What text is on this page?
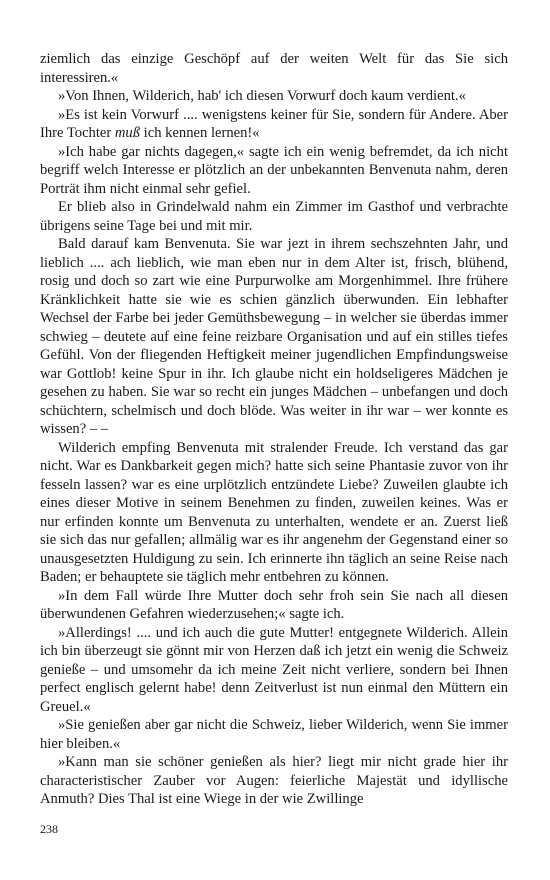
ziemlich das einzige Geschöpf auf der weiten Welt für das Sie sich interessiren.«

»Von Ihnen, Wilderich, hab' ich diesen Vorwurf doch kaum verdient.«

»Es ist kein Vorwurf .... wenigstens keiner für Sie, sondern für Andere. Aber Ihre Tochter muß ich kennen lernen!«

»Ich habe gar nichts dagegen,« sagte ich ein wenig befremdet, da ich nicht begriff welch Interesse er plötzlich an der unbekannten Benvenuta nahm, deren Porträt ihm nicht einmal sehr gefiel.

Er blieb also in Grindelwald nahm ein Zimmer im Gasthof und verbrachte übrigens seine Tage bei und mit mir.

Bald darauf kam Benvenuta. Sie war jezt in ihrem sechszehnten Jahr, und lieblich .... ach lieblich, wie man eben nur in dem Alter ist, frisch, blühend, rosig und doch so zart wie eine Purpurwolke am Morgenhimmel. Ihre frühere Kränklichkeit hatte sie wie es schien gänzlich überwunden. Ein lebhafter Wechsel der Farbe bei jeder Gemüthsbewegung – in welcher sie überdas immer schwieg – deutete auf eine feine reizbare Organisation und auf ein stilles tiefes Gefühl. Von der fliegenden Heftigkeit meiner jugendlichen Empfindungsweise war Gottlob! keine Spur in ihr. Ich glaube nicht ein holdseligeres Mädchen je gesehen zu haben. Sie war so recht ein junges Mädchen – unbefangen und doch schüchtern, schelmisch und doch blöde. Was weiter in ihr war – wer konnte es wissen? – –

Wilderich empfing Benvenuta mit stralender Freude. Ich verstand das gar nicht. War es Dankbarkeit gegen mich? hatte sich seine Phantasie zuvor von ihr fesseln lassen? war es eine urplötzlich entzündete Liebe? Zuweilen glaubte ich eines dieser Motive in seinem Benehmen zu finden, zuweilen keines. Was er nur erfinden konnte um Benvenuta zu unterhalten, wendete er an. Zuerst ließ sie sich das nur gefallen; allmälig war es ihr angenehm der Gegenstand einer so unausgesetzten Huldigung zu sein. Ich erinnerte ihn täglich an seine Reise nach Baden; er behauptete sie täglich mehr entbehren zu können.

»In dem Fall würde Ihre Mutter doch sehr froh sein Sie nach all diesen überwundenen Gefahren wiederzusehen;« sagte ich.

»Allerdings! .... und ich auch die gute Mutter! entgegnete Wilderich. Allein ich bin überzeugt sie gönnt mir von Herzen daß ich jetzt ein wenig die Schweiz genieße – und umsomehr da ich meine Zeit nicht verliere, sondern bei Ihnen perfect englisch gelernt habe! denn Zeitverlust ist nun einmal den Müttern ein Greuel.«

»Sie genießen aber gar nicht die Schweiz, lieber Wilderich, wenn Sie immer hier bleiben.«

»Kann man sie schöner genießen als hier? liegt mir nicht grade hier ihr characteristischer Zauber vor Augen: feierliche Majestät und idyllische Anmuth? Dies Thal ist eine Wiege in der wie Zwillinge

238
